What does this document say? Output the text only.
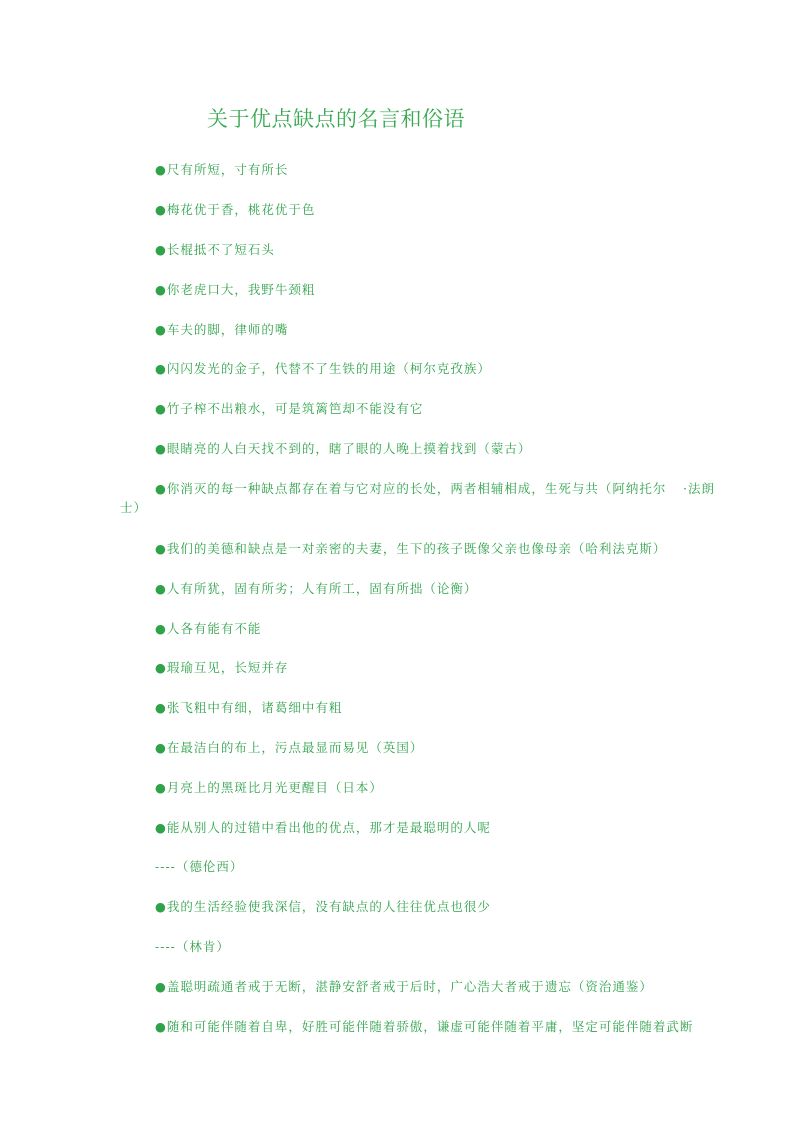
关于优点缺点的名言和俗语
●尺有所短，寸有所长
●梅花优于香，桃花优于色
●长棍抵不了短石头
●你老虎口大，我野牛颈粗
●车夫的脚，律师的嘴
●闪闪发光的金子，代替不了生铁的用途（柯尔克孜族）
●竹子榨不出粮水，可是筑篱笆却不能没有它
●眼睛亮的人白天找不到的，瞎了眼的人晚上摸着找到（蒙古）
●你消灭的每一种缺点都存在着与它对应的长处，两者相辅相成，生死与共（阿纳托尔	·法朗
士）
●我们的美德和缺点是一对亲密的夫妻，生下的孩子既像父亲也像母亲（哈利法克斯）
●人有所犹，固有所劣；人有所工，固有所拙（论衡）
●人各有能有不能
●瑕瑜互见，长短并存
●张飞粗中有细，诸葛细中有粗
●在最洁白的布上，污点最显而易见（英国）
●月亮上的黑斑比月光更醒目（日本）
●能从别人的过错中看出他的优点，那才是最聪明的人呢
----（德伦西）
●我的生活经验使我深信，没有缺点的人往往优点也很少
----（林肯）
●盖聪明疏通者戒于无断，湛静安舒者戒于后时，广心浩大者戒于遗忘（资治通鉴）
●随和可能伴随着自卑，好胜可能伴随着骄傲，谦虚可能伴随着平庸，坚定可能伴随着武断
